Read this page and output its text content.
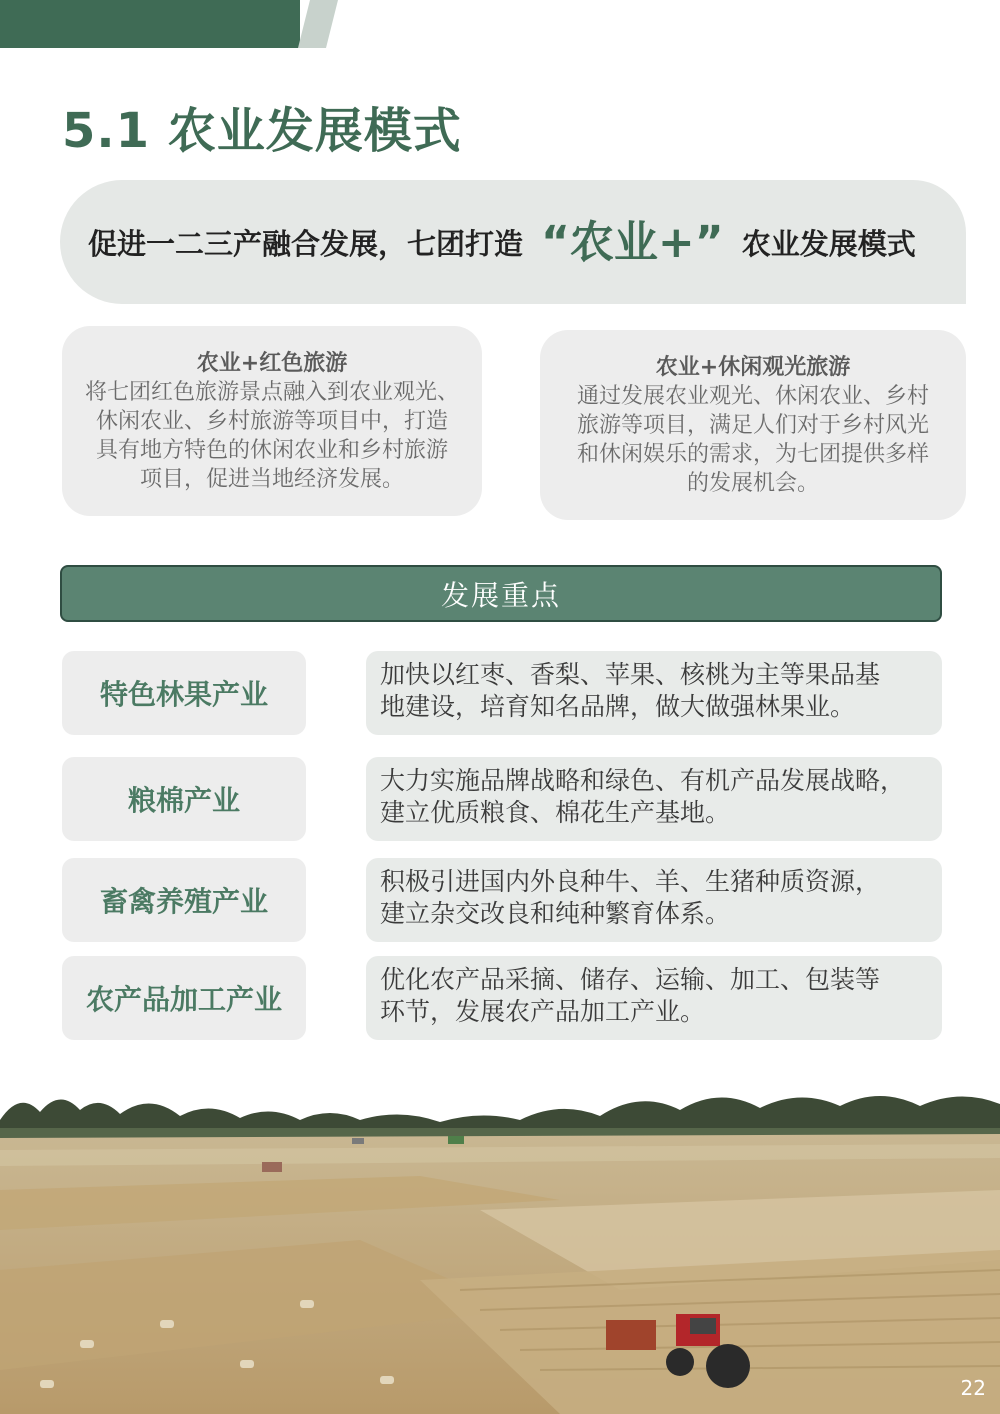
5.1 农业发展模式
促进一二三产融合发展，七团打造 “农业+” 农业发展模式
农业+红色旅游
将七团红色旅游景点融入到农业观光、
休闲农业、乡村旅游等项目中，打造
具有地方特色的休闲农业和乡村旅游
项目，促进当地经济发展。
农业+休闲观光旅游
通过发展农业观光、休闲农业、乡村
旅游等项目，满足人们对于乡村风光
和休闲娱乐的需求，为七团提供多样
的发展机会。
发展重点
特色林果产业
加快以红枣、香梨、苹果、核桃为主等果品基
地建设，培育知名品牌，做大做强林果业。
粮棉产业
大力实施品牌战略和绿色、有机产品发展战略，
建立优质粮食、棉花生产基地。
畜禽养殖产业
积极引进国内外良种牛、羊、生猪种质资源，
建立杂交改良和纯种繁育体系。
农产品加工产业
优化农产品采摘、储存、运输、加工、包装等
环节，发展农产品加工产业。
22
